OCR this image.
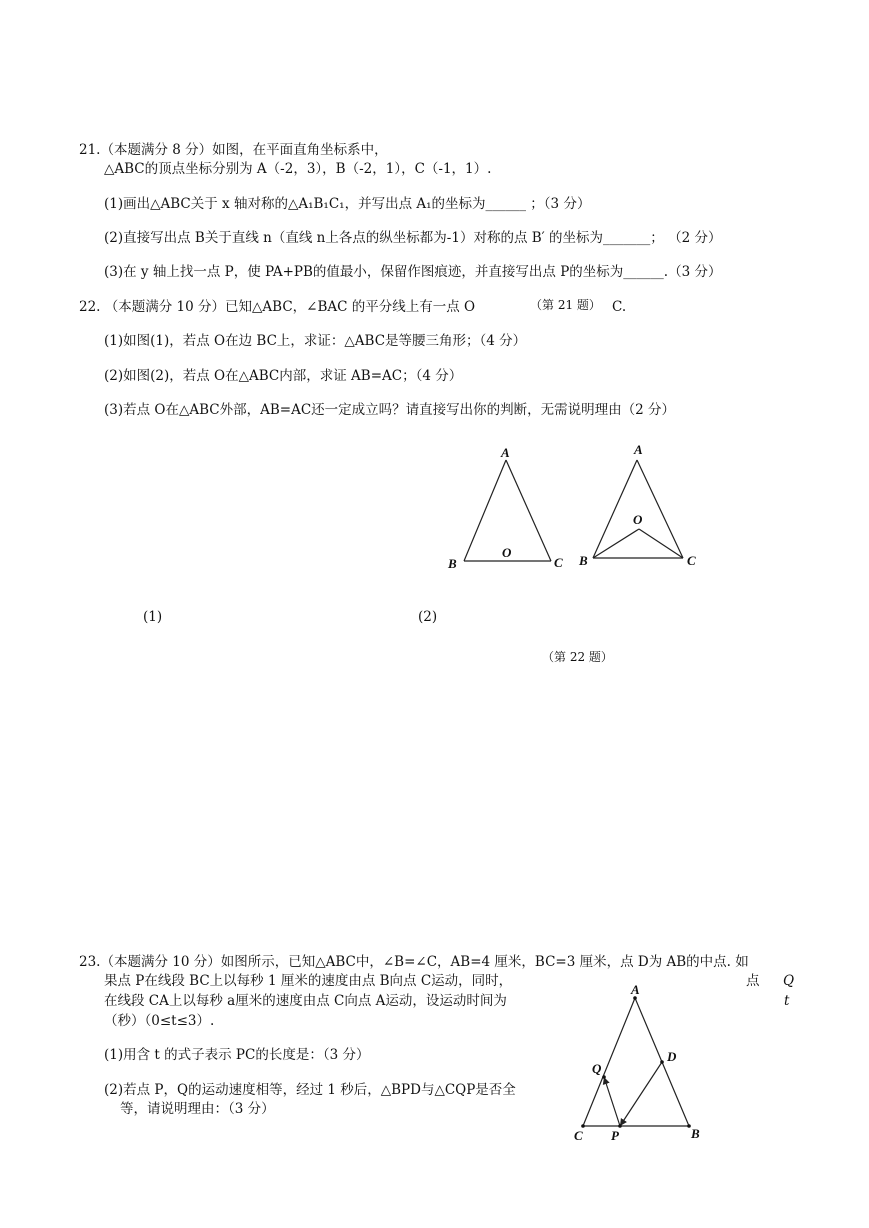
21.（本题满分 8 分）如图，在平面直角坐标系中，
△ABC的顶点坐标分别为 A（-2，3），B（-2，1），C（-1，1）.
(1)画出△ABC关于 x 轴对称的△A₁B₁C₁，并写出点 A₁的坐标为______ ；（3 分）
(2)直接写出点 B关于直线 n（直线 n上各点的纵坐标都为-1）对称的点 B′ 的坐标为_______； （2 分）
(3)在 y 轴上找一点 P，使 PA+PB的值最小，保留作图痕迹，并直接写出点 P的坐标为______.（3 分）
22. （本题满分 10 分）已知△ABC，∠BAC 的平分线上有一点 O	（第 21 题） C.
(1)如图(1)，若点 O在边 BC上，求证：△ABC是等腰三角形；（4 分）
(2)如图(2)，若点 O在△ABC内部，求证 AB=AC；（4 分）
(3)若点 O在△ABC外部，AB=AC还一定成立吗？请直接写出你的判断，无需说明理由（2 分）
A
B	C
O
A
B	C
O
(1)	(2)
（第 22 题）
23.（本题满分 10 分）如图所示，已知△ABC中，∠B=∠C，AB=4 厘米，BC=3 厘米，点 D为 AB的中点. 如
果点 P在线段 BC上以每秒 1 厘米的速度由点 B向点 C运动，同时，	点 Q
在线段 CA上以每秒 a厘米的速度由点 C向点 A运动，设运动时间为	t
（秒）（0≤t≤3）.
(1)用含 t 的式子表示 PC的长度是：（3 分）
(2)若点 P，Q的运动速度相等，经过 1 秒后，△BPD与△CQP是否全
等，请说明理由：（3 分）
A
B
C
D
P
Q
